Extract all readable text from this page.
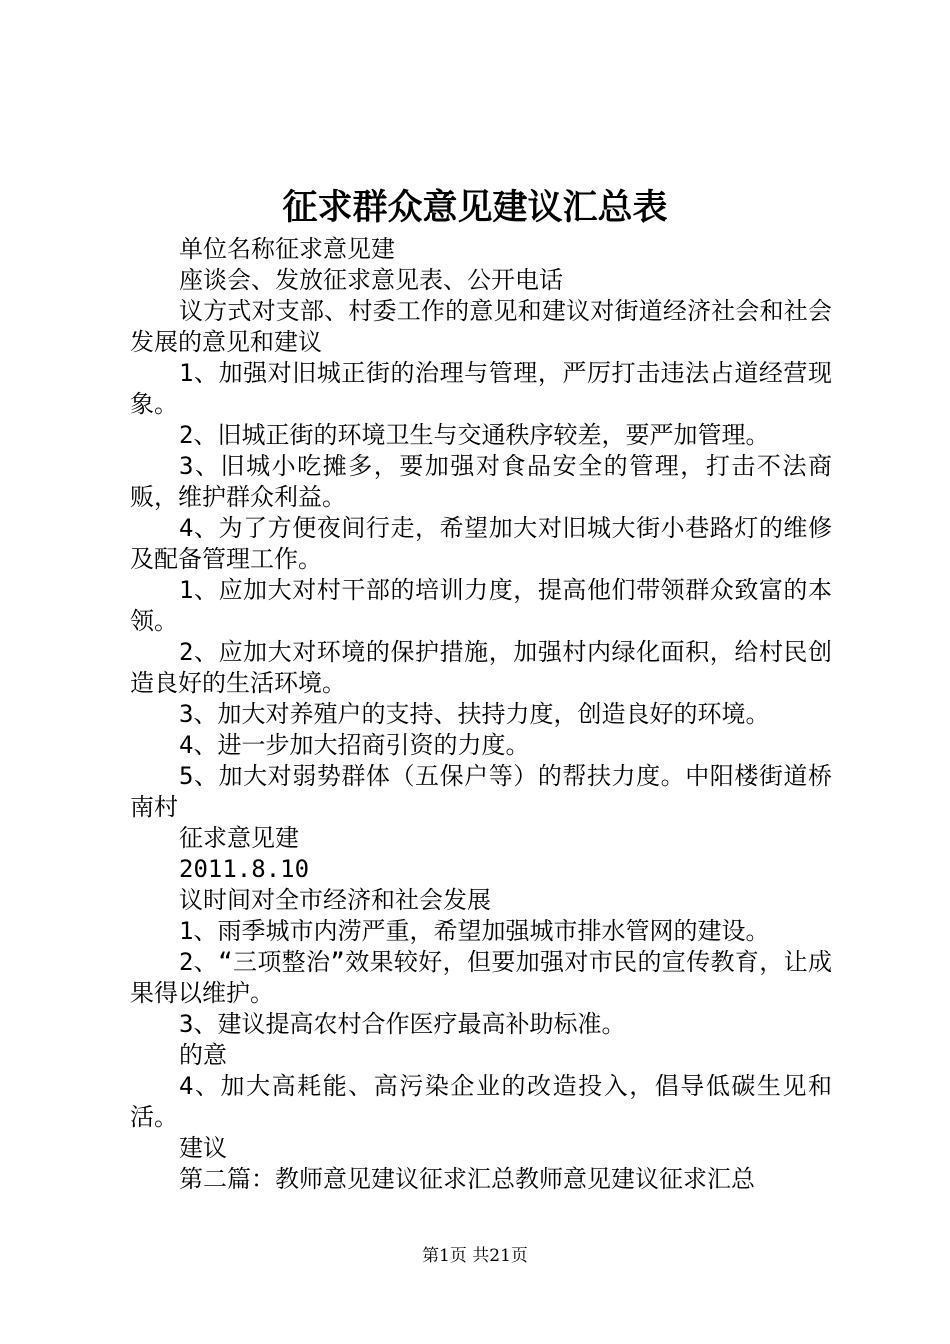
征求群众意见建议汇总表

单位名称征求意见建

座谈会、发放征求意见表、公开电话

议方式对支部、村委工作的意见和建议对街道经济社会和社会发展的意见和建议

1、加强对旧城正街的治理与管理，严厉打击违法占道经营现象。

2、旧城正街的环境卫生与交通秩序较差，要严加管理。

3、旧城小吃摊多，要加强对食品安全的管理，打击不法商贩，维护群众利益。

4、为了方便夜间行走，希望加大对旧城大街小巷路灯的维修及配备管理工作。

1、应加大对村干部的培训力度，提高他们带领群众致富的本领。

2、应加大对环境的保护措施，加强村内绿化面积，给村民创造良好的生活环境。

3、加大对养殖户的支持、扶持力度，创造良好的环境。

4、进一步加大招商引资的力度。

5、加大对弱势群体（五保户等）的帮扶力度。中阳楼街道桥南村

征求意见建

2011.8.10

议时间对全市经济和社会发展

1、雨季城市内涝严重，希望加强城市排水管网的建设。

2、“三项整治”效果较好，但要加强对市民的宣传教育，让成果得以维护。

3、建议提高农村合作医疗最高补助标准。

的意

4、加大高耗能、高污染企业的改造投入，倡导低碳生见和活。

建议

第二篇：教师意见建议征求汇总教师意见建议征求汇总

第1页 共21页
